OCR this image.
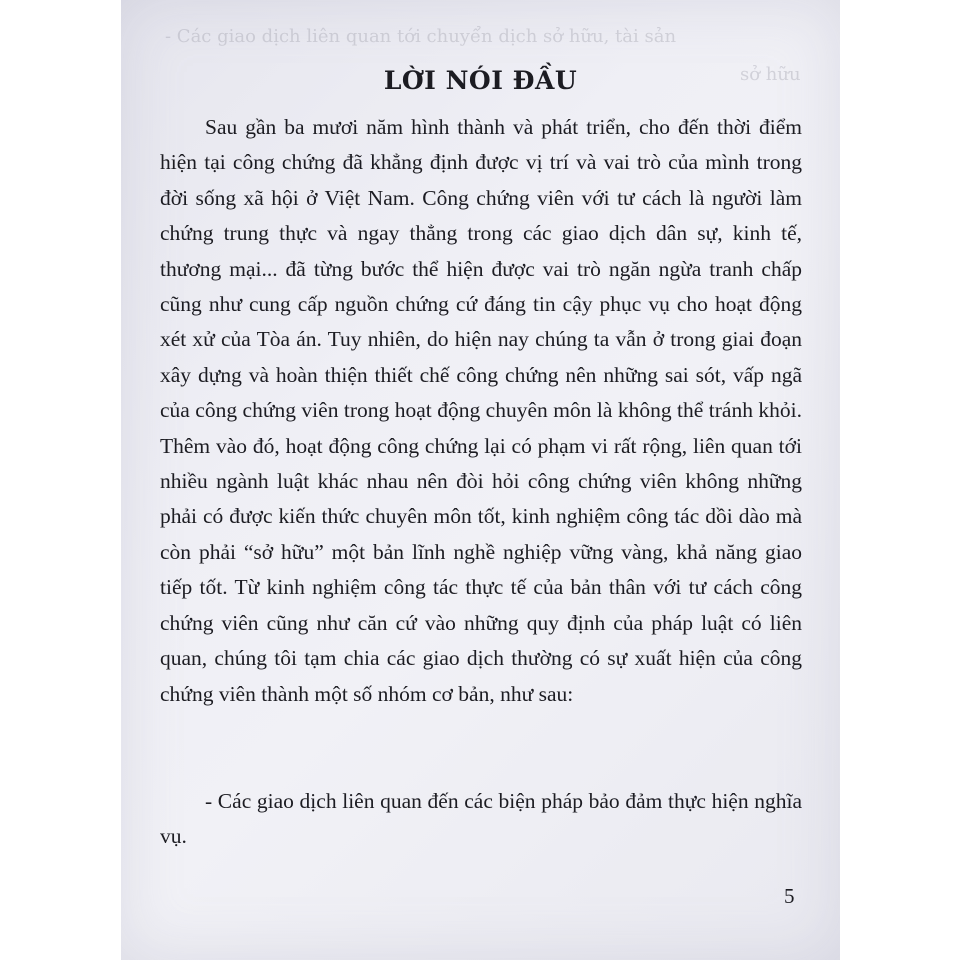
- Các giao dịch liên quan tới chuyển dịch sở hữu, tài sản
sở hữu
LỜI NÓI ĐẦU

Sau gần ba mươi năm hình thành và phát triển, cho đến thời điểm hiện tại công chứng đã khẳng định được vị trí và vai trò của mình trong đời sống xã hội ở Việt Nam. Công chứng viên với tư cách là người làm chứng trung thực và ngay thẳng trong các giao dịch dân sự, kinh tế, thương mại... đã từng bước thể hiện được vai trò ngăn ngừa tranh chấp cũng như cung cấp nguồn chứng cứ đáng tin cậy phục vụ cho hoạt động xét xử của Tòa án. Tuy nhiên, do hiện nay chúng ta vẫn ở trong giai đoạn xây dựng và hoàn thiện thiết chế công chứng nên những sai sót, vấp ngã của công chứng viên trong hoạt động chuyên môn là không thể tránh khỏi. Thêm vào đó, hoạt động công chứng lại có phạm vi rất rộng, liên quan tới nhiều ngành luật khác nhau nên đòi hỏi công chứng viên không những phải có được kiến thức chuyên môn tốt, kinh nghiệm công tác dồi dào mà còn phải “sở hữu” một bản lĩnh nghề nghiệp vững vàng, khả năng giao tiếp tốt. Từ kinh nghiệm công tác thực tế của bản thân với tư cách công chứng viên cũng như căn cứ vào những quy định của pháp luật có liên quan, chúng tôi tạm chia các giao dịch thường có sự xuất hiện của công chứng viên thành một số nhóm cơ bản, như sau:

- Các giao dịch liên quan đến các biện pháp bảo đảm thực hiện nghĩa vụ.

5
